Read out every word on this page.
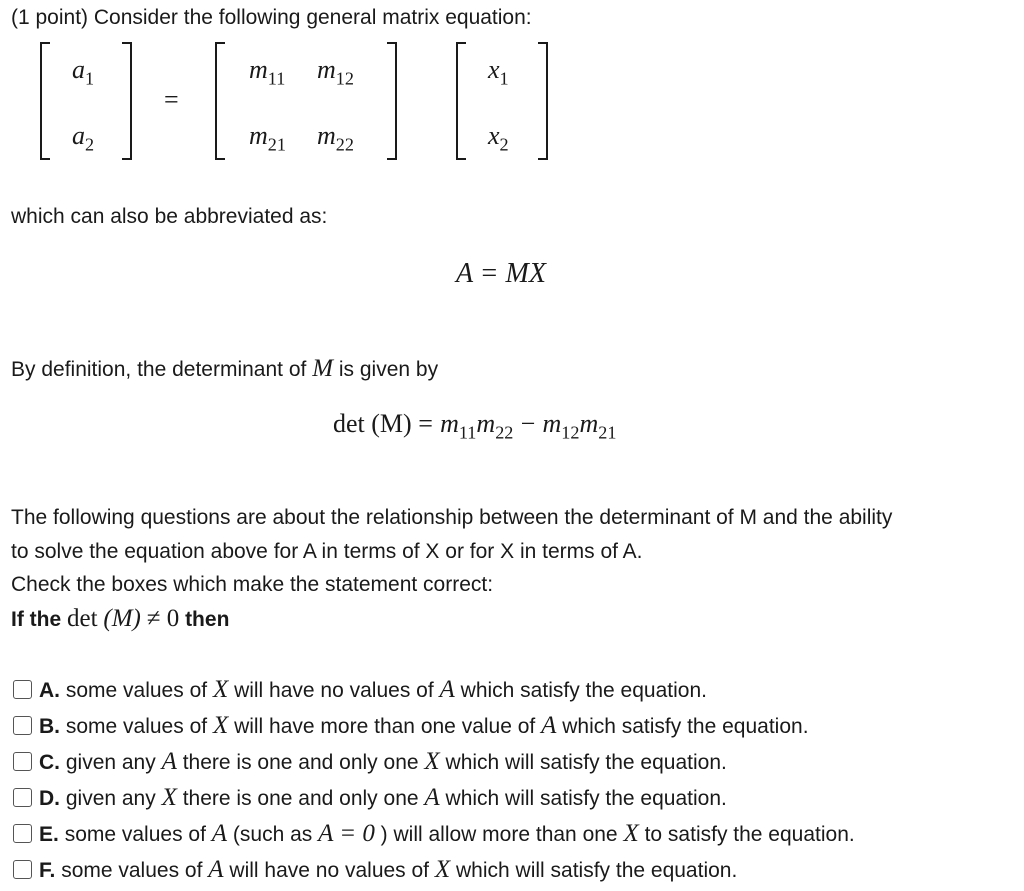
(1 point) Consider the following general matrix equation:
$a_1$
$a_2$
=
$m_{11}$ $m_{12}$
$m_{21}$ $m_{22}$
$x_1$
$x_2$
which can also be abbreviated as:
A = MX
By definition, the determinant of M is given by
$\det (M) = m_{11}m_{22} - m_{12}m_{21}$
The following questions are about the relationship between the determinant of M and the ability
to solve the equation above for A in terms of X or for X in terms of A.
Check the boxes which make the statement correct:
If the det (M) ≠ 0 then
A. some values of X will have no values of A which satisfy the equation.
B. some values of X will have more than one value of A which satisfy the equation.
C. given any A there is one and only one X which will satisfy the equation.
D. given any X there is one and only one A which will satisfy the equation.
E. some values of A (such as A = 0 ) will allow more than one X to satisfy the equation.
F. some values of A will have no values of X which will satisfy the equation.
